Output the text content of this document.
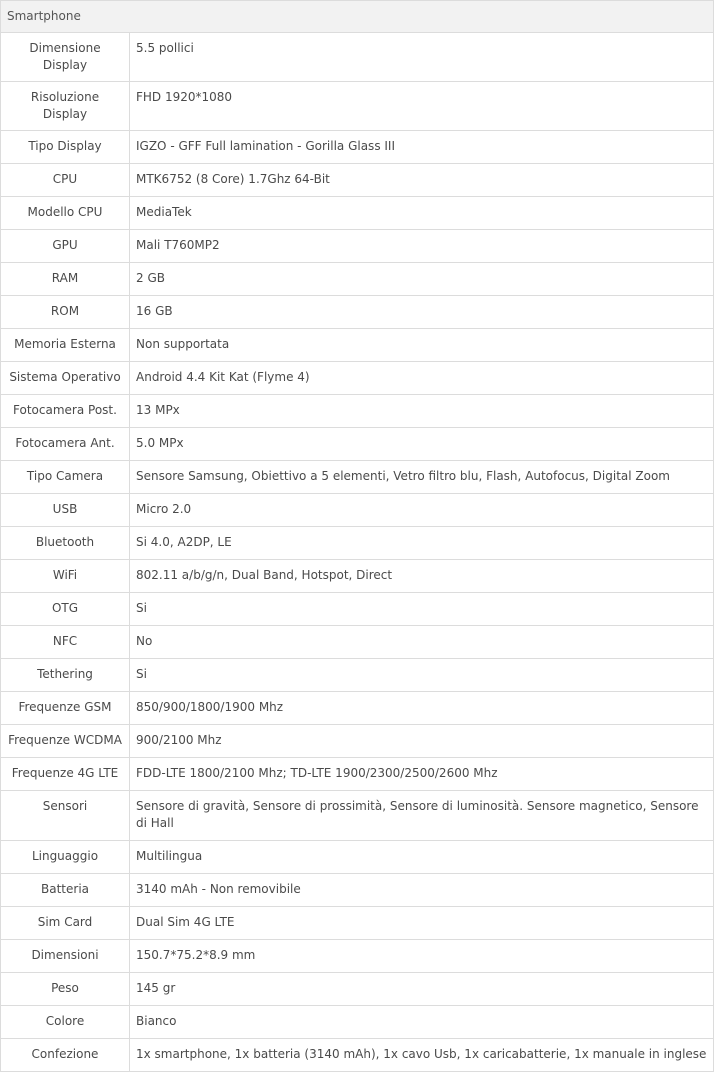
Smartphone	
Dimensione Display	5.5 pollici
Risoluzione Display	FHD 1920*1080
Tipo Display	IGZO - GFF Full lamination - Gorilla Glass III
CPU	MTK6752 (8 Core) 1.7Ghz 64-Bit
Modello CPU	MediaTek
GPU	Mali T760MP2
RAM	2 GB
ROM	16 GB
Memoria Esterna	Non supportata
Sistema Operativo	Android 4.4 Kit Kat (Flyme 4)
Fotocamera Post.	13 MPx
Fotocamera Ant.	5.0 MPx
Tipo Camera	Sensore Samsung, Obiettivo a 5 elementi, Vetro filtro blu, Flash, Autofocus, Digital Zoom
USB	Micro 2.0
Bluetooth	Si 4.0, A2DP, LE
WiFi	802.11 a/b/g/n, Dual Band, Hotspot, Direct
OTG	Si
NFC	No
Tethering	Si
Frequenze GSM	850/900/1800/1900 Mhz
Frequenze WCDMA	900/2100 Mhz
Frequenze 4G LTE	FDD-LTE 1800/2100 Mhz; TD-LTE 1900/2300/2500/2600 Mhz
Sensori	Sensore di gravità, Sensore di prossimità, Sensore di luminosità. Sensore magnetico, Sensore di Hall
Linguaggio	Multilingua
Batteria	3140 mAh - Non removibile
Sim Card	Dual Sim 4G LTE
Dimensioni	150.7*75.2*8.9 mm
Peso	145 gr
Colore	Bianco
Confezione	1x smartphone, 1x batteria (3140 mAh), 1x cavo Usb, 1x caricabatterie, 1x manuale in inglese
